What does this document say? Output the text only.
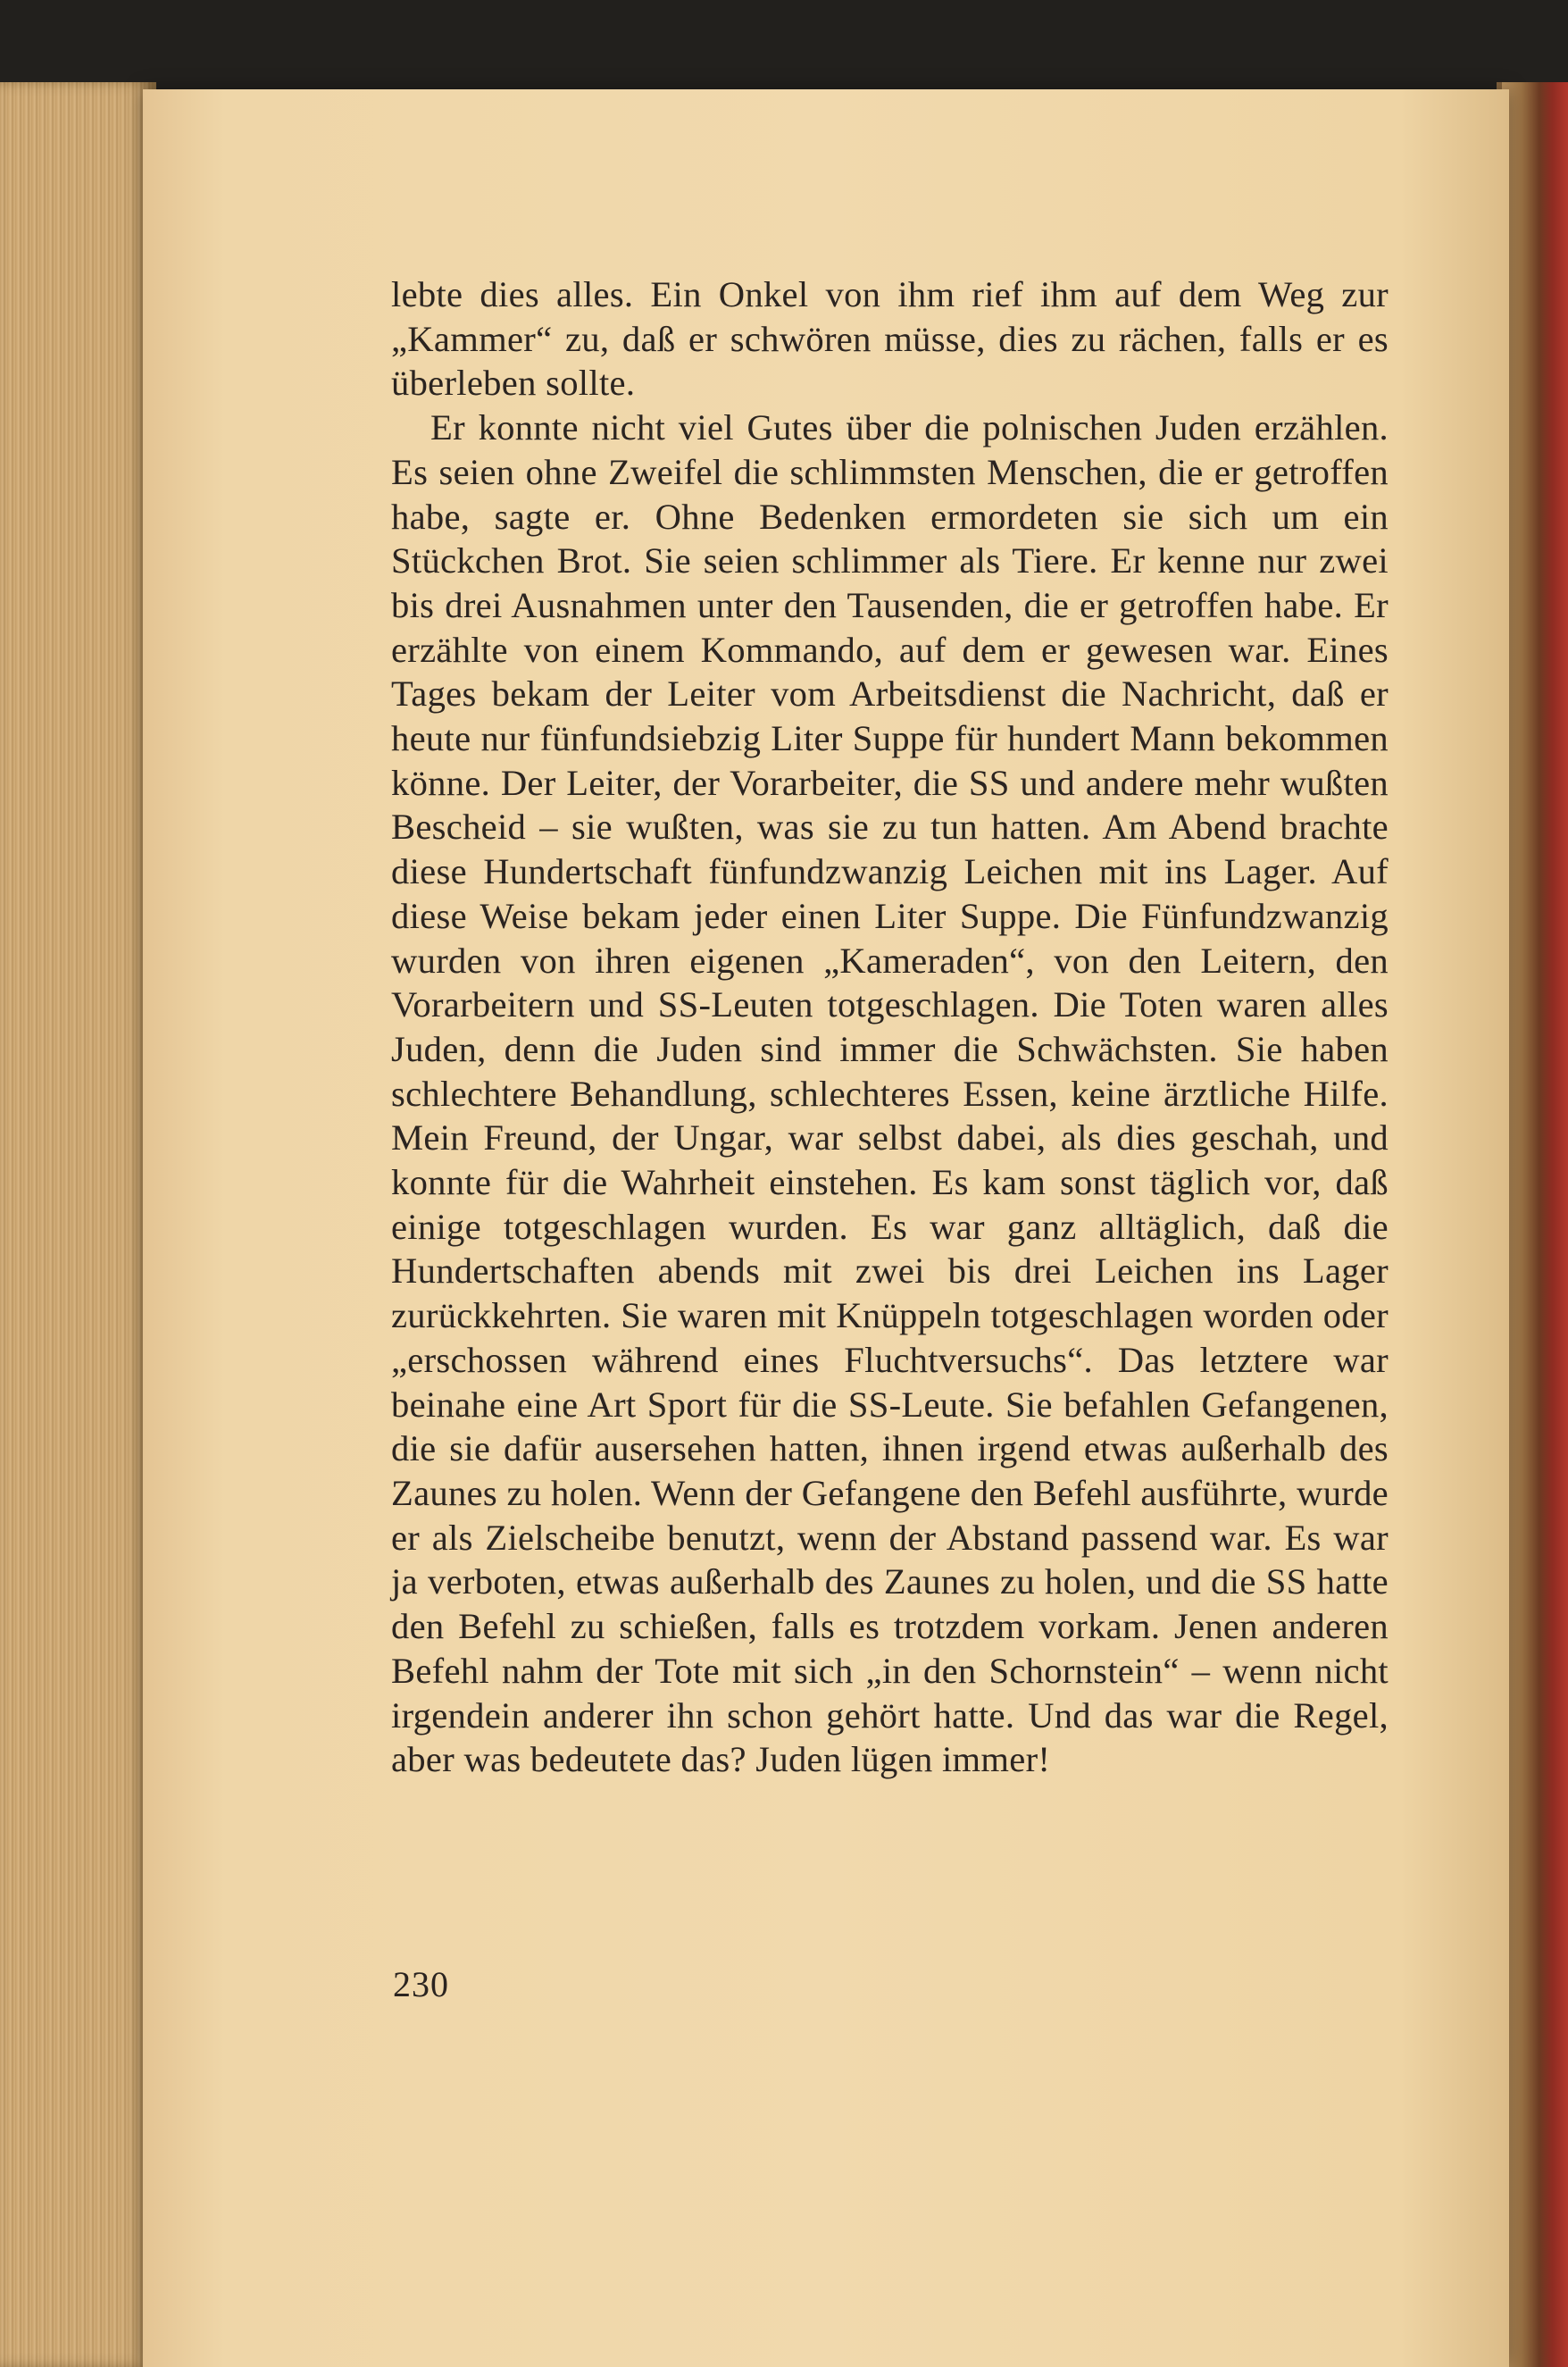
lebte dies alles. Ein Onkel von ihm rief ihm auf dem Weg zur „Kammer“ zu, daß er schwören müsse, dies zu rächen, falls er es überleben sollte.

Er konnte nicht viel Gutes über die polnischen Juden erzählen. Es seien ohne Zweifel die schlimmsten Menschen, die er getroffen habe, sagte er. Ohne Bedenken ermordeten sie sich um ein Stückchen Brot. Sie seien schlimmer als Tiere. Er kenne nur zwei bis drei Ausnahmen unter den Tausenden, die er getroffen habe. Er erzählte von einem Kommando, auf dem er gewesen war. Eines Tages bekam der Leiter vom Arbeitsdienst die Nachricht, daß er heute nur fünfundsiebzig Liter Suppe für hundert Mann bekommen könne. Der Leiter, der Vorarbeiter, die SS und andere mehr wußten Bescheid – sie wußten, was sie zu tun hatten. Am Abend brachte diese Hundertschaft fünfundzwanzig Leichen mit ins Lager. Auf diese Weise bekam jeder einen Liter Suppe. Die Fünfundzwanzig wurden von ihren eigenen „Kameraden“, von den Leitern, den Vorarbeitern und SS-Leuten totgeschlagen. Die Toten waren alles Juden, denn die Juden sind immer die Schwächsten. Sie haben schlechtere Behandlung, schlechteres Essen, keine ärztliche Hilfe. Mein Freund, der Ungar, war selbst dabei, als dies geschah, und konnte für die Wahrheit einstehen. Es kam sonst täglich vor, daß einige totgeschlagen wurden. Es war ganz alltäglich, daß die Hundertschaften abends mit zwei bis drei Leichen ins Lager zurückkehrten. Sie waren mit Knüppeln totgeschlagen worden oder „erschossen während eines Fluchtversuchs“. Das letztere war beinahe eine Art Sport für die SS-Leute. Sie befahlen Gefangenen, die sie dafür ausersehen hatten, ihnen irgend etwas außerhalb des Zaunes zu holen. Wenn der Gefangene den Befehl ausführte, wurde er als Zielscheibe benutzt, wenn der Abstand passend war. Es war ja verboten, etwas außerhalb des Zaunes zu holen, und die SS hatte den Befehl zu schießen, falls es trotzdem vorkam. Jenen anderen Befehl nahm der Tote mit sich „in den Schornstein“ – wenn nicht irgendein anderer ihn schon gehört hatte. Und das war die Regel, aber was bedeutete das? Juden lügen immer!

230
